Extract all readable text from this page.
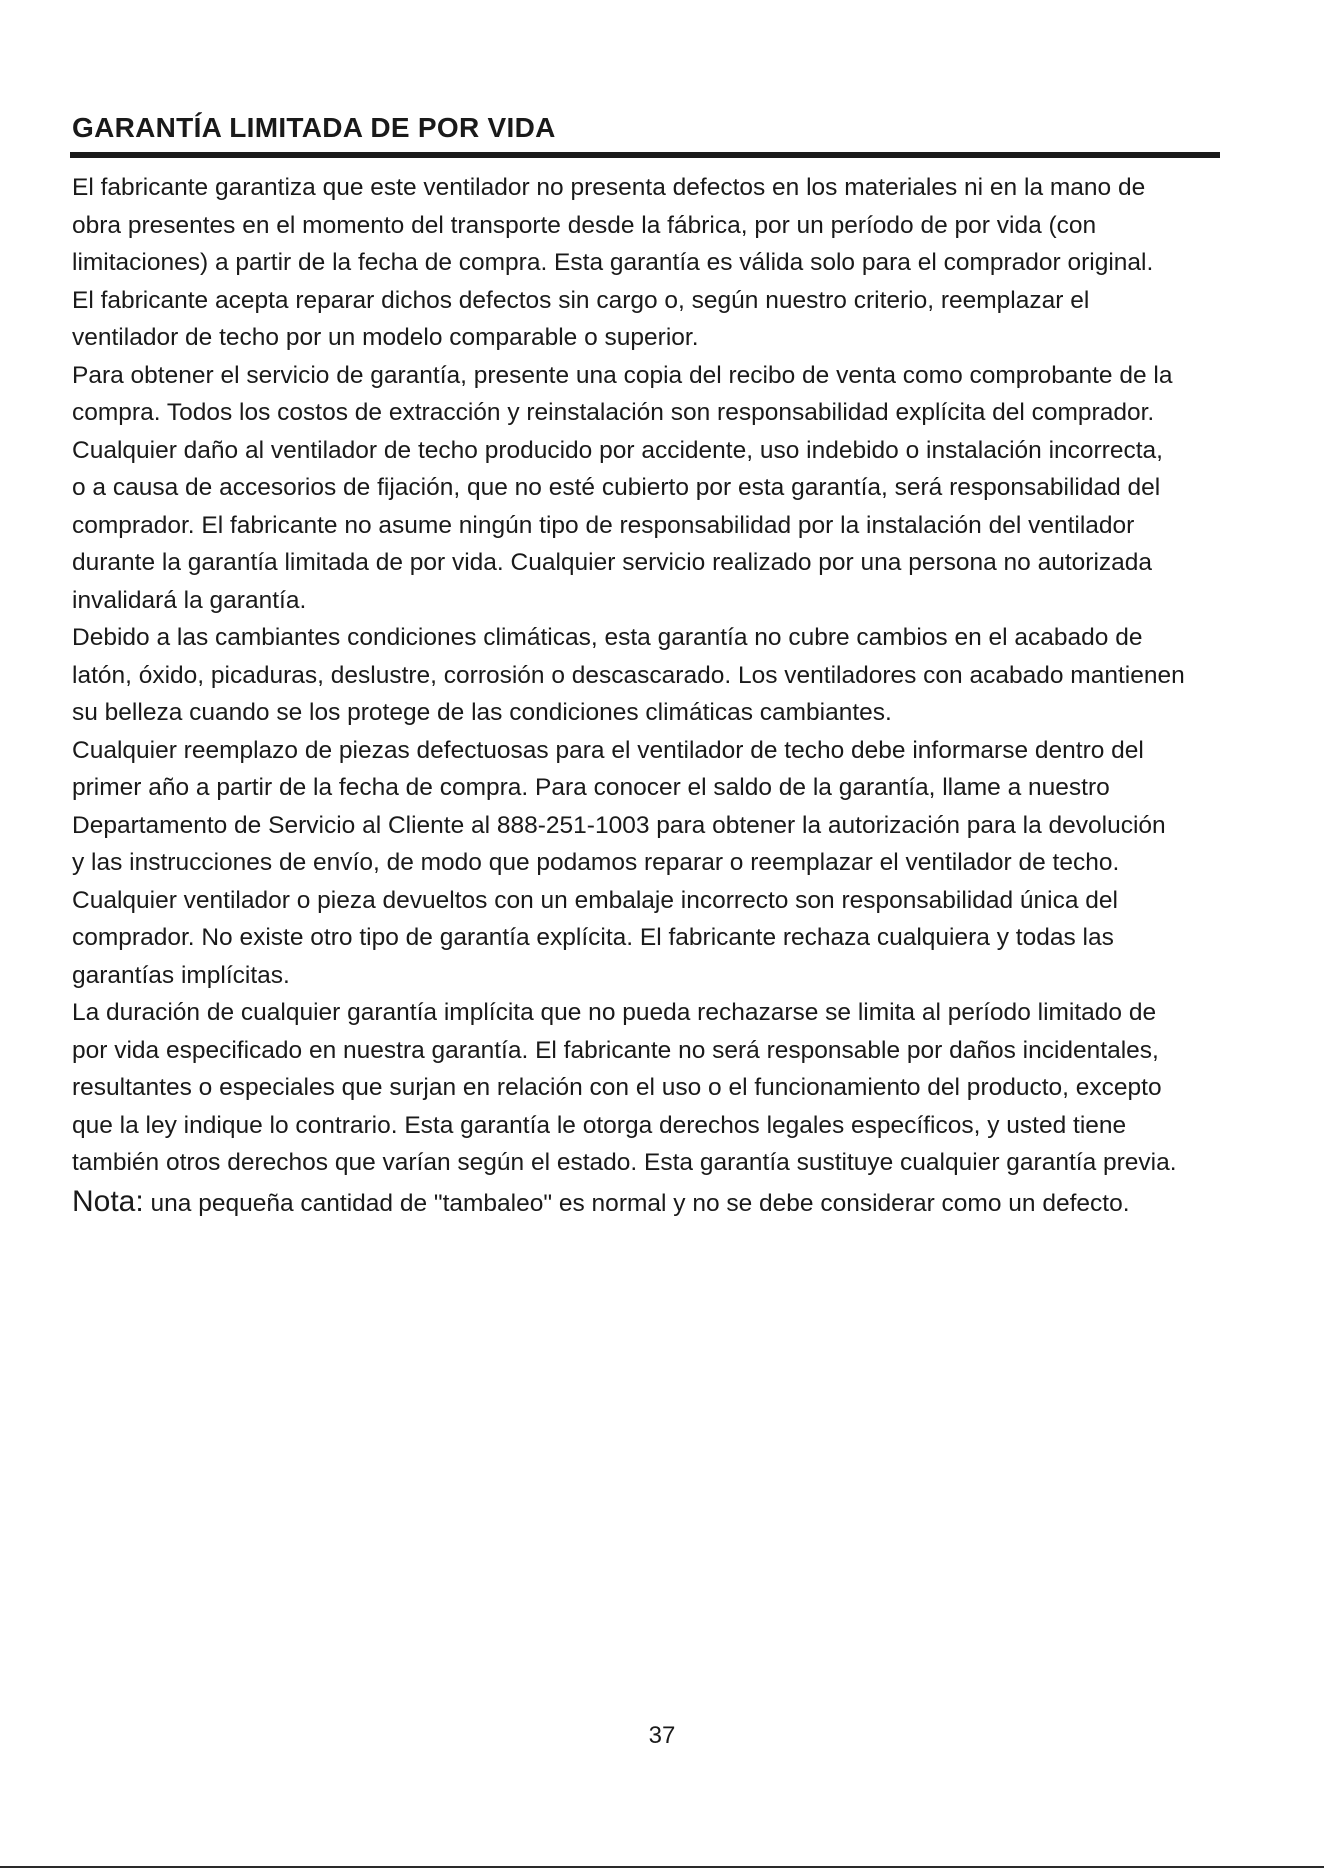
GARANTÍA LIMITADA DE POR VIDA
El fabricante garantiza que este ventilador no presenta defectos en los materiales ni en la mano de
obra presentes en el momento del transporte desde la fábrica, por un período de por vida (con
limitaciones) a partir de la fecha de compra. Esta garantía es válida solo para el comprador original.
El fabricante acepta reparar dichos defectos sin cargo o, según nuestro criterio, reemplazar el
ventilador de techo por un modelo comparable o superior.
Para obtener el servicio de garantía, presente una copia del recibo de venta como comprobante de la
compra. Todos los costos de extracción y reinstalación son responsabilidad explícita del comprador.
Cualquier daño al ventilador de techo producido por accidente, uso indebido o instalación incorrecta,
o a causa de accesorios de fijación, que no esté cubierto por esta garantía, será responsabilidad del
comprador. El fabricante no asume ningún tipo de responsabilidad por la instalación del ventilador
durante la garantía limitada de por vida. Cualquier servicio realizado por una persona no autorizada
invalidará la garantía.
Debido a las cambiantes condiciones climáticas, esta garantía no cubre cambios en el acabado de
latón, óxido, picaduras, deslustre, corrosión o descascarado. Los ventiladores con acabado mantienen
su belleza cuando se los protege de las condiciones climáticas cambiantes.
Cualquier reemplazo de piezas defectuosas para el ventilador de techo debe informarse dentro del
primer año a partir de la fecha de compra. Para conocer el saldo de la garantía, llame a nuestro
Departamento de Servicio al Cliente al 888-251-1003 para obtener la autorización para la devolución
y las instrucciones de envío, de modo que podamos reparar o reemplazar el ventilador de techo.
Cualquier ventilador o pieza devueltos con un embalaje incorrecto son responsabilidad única del
comprador. No existe otro tipo de garantía explícita. El fabricante rechaza cualquiera y todas las
garantías implícitas.
La duración de cualquier garantía implícita que no pueda rechazarse se limita al período limitado de
por vida especificado en nuestra garantía. El fabricante no será responsable por daños incidentales,
resultantes o especiales que surjan en relación con el uso o el funcionamiento del producto, excepto
que la ley indique lo contrario. Esta garantía le otorga derechos legales específicos, y usted tiene
también otros derechos que varían según el estado. Esta garantía sustituye cualquier garantía previa.
Nota: una pequeña cantidad de "tambaleo" es normal y no se debe considerar como un defecto.
37
